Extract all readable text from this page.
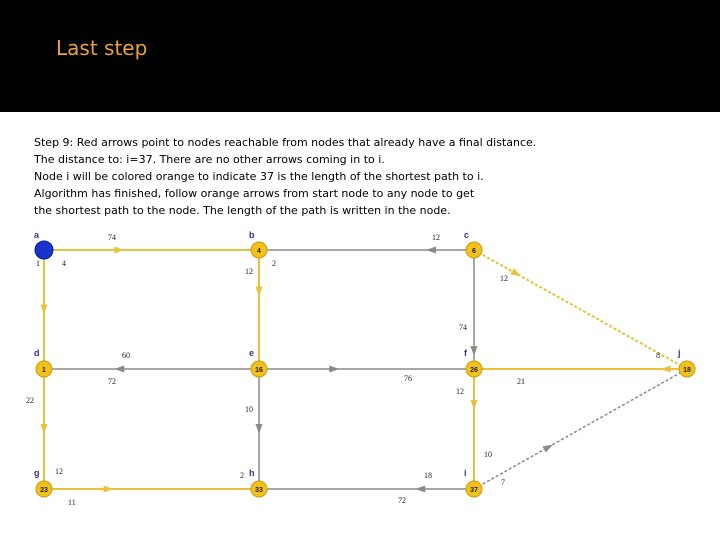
Last step
Step 9: Red arrows point to nodes reachable from nodes that already have a final distance.
The distance to: i=37. There are no other arrows coming in to i.
Node i will be colored orange to indicate 37 is the length of the shortest path to i.
Algorithm has finished, follow orange arrows from start node to any node to get
the shortest path to the node. The length of the path is written in the node.
74
4
1
12
2
12
12
74
60
72	76
12
21
8
22
10
11
10
12	2	18
72
7
a
4
b
6
c
1
d
16
e
26
f
18
j
23
g
33
h
37
i
